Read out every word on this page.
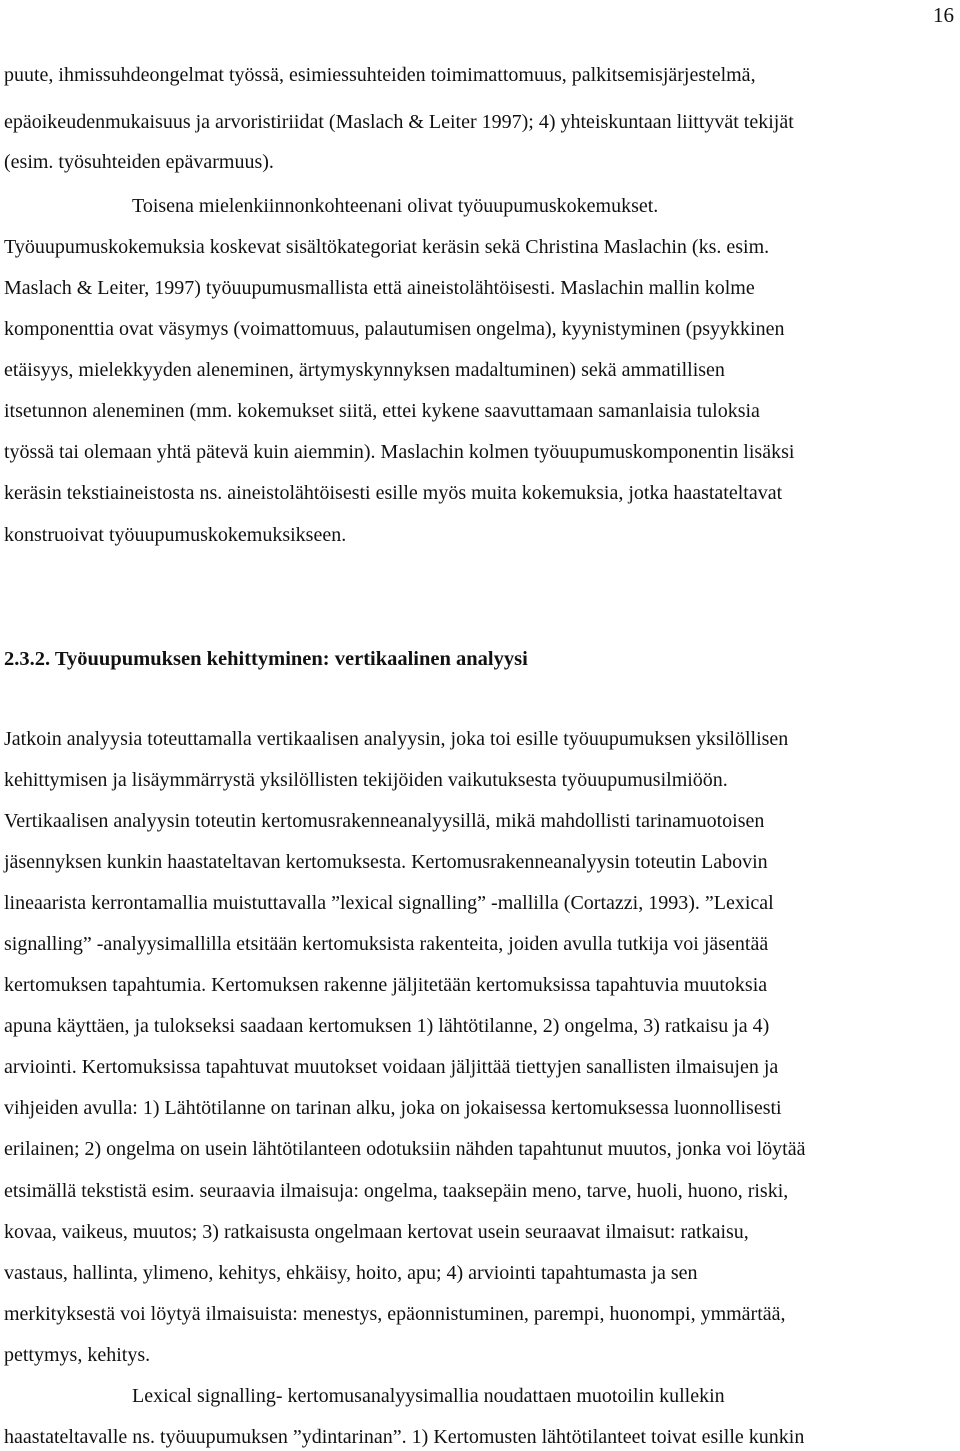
16
puute, ihmissuhdeongelmat työssä, esimiessuhteiden toimimattomuus, palkitsemisjärjestelmä,
epäoikeudenmukaisuus ja arvoristiriidat (Maslach & Leiter 1997); 4) yhteiskuntaan liittyvät tekijät
(esim. työsuhteiden epävarmuus).
Toisena mielenkiinnonkohteenani olivat työuupumuskokemukset.
Työuupumuskokemuksia koskevat sisältökategoriat keräsin sekä Christina Maslachin (ks. esim.
Maslach & Leiter, 1997) työuupumusmallista että aineistolähtöisesti. Maslachin mallin kolme
komponenttia ovat väsymys (voimattomuus, palautumisen ongelma), kyynistyminen (psyykkinen
etäisyys, mielekkyyden aleneminen, ärtymyskynnyksen madaltuminen) sekä ammatillisen
itsetunnon aleneminen (mm. kokemukset siitä, ettei kykene saavuttamaan samanlaisia tuloksia
työssä tai olemaan yhtä pätevä kuin aiemmin). Maslachin kolmen työuupumuskomponentin lisäksi
keräsin tekstiaineistosta ns. aineistolähtöisesti esille myös muita kokemuksia, jotka haastateltavat
konstruoivat työuupumuskokemuksikseen.
2.3.2. Työuupumuksen kehittyminen: vertikaalinen analyysi
Jatkoin analyysia toteuttamalla vertikaalisen analyysin, joka toi esille työuupumuksen yksilöllisen
kehittymisen ja lisäymmärrystä yksilöllisten tekijöiden vaikutuksesta työuupumusilmiöön.
Vertikaalisen analyysin toteutin kertomusrakenneanalyysillä, mikä mahdollisti tarinamuotoisen
jäsennyksen kunkin haastateltavan kertomuksesta. Kertomusrakenneanalyysin toteutin Labovin
lineaarista kerrontamallia muistuttavalla ”lexical signalling” -mallilla (Cortazzi, 1993). ”Lexical
signalling” -analyysimallilla etsitään kertomuksista rakenteita, joiden avulla tutkija voi jäsentää
kertomuksen tapahtumia. Kertomuksen rakenne jäljitetään kertomuksissa tapahtuvia muutoksia
apuna käyttäen, ja tulokseksi saadaan kertomuksen 1) lähtötilanne, 2) ongelma, 3) ratkaisu ja 4)
arviointi. Kertomuksissa tapahtuvat muutokset voidaan jäljittää tiettyjen sanallisten ilmaisujen ja
vihjeiden avulla: 1) Lähtötilanne on tarinan alku, joka on jokaisessa kertomuksessa luonnollisesti
erilainen; 2) ongelma on usein lähtötilanteen odotuksiin nähden tapahtunut muutos, jonka voi löytää
etsimällä tekstistä esim. seuraavia ilmaisuja: ongelma, taaksepäin meno, tarve, huoli, huono, riski,
kovaa, vaikeus, muutos; 3) ratkaisusta ongelmaan kertovat usein seuraavat ilmaisut: ratkaisu,
vastaus, hallinta, ylimeno, kehitys, ehkäisy, hoito, apu; 4) arviointi tapahtumasta ja sen
merkityksestä voi löytyä ilmaisuista: menestys, epäonnistuminen, parempi, huonompi, ymmärtää,
pettymys, kehitys.
Lexical signalling- kertomusanalyysimallia noudattaen muotoilin kullekin
haastateltavalle ns. työuupumuksen ”ydintarinan”. 1) Kertomusten lähtötilanteet toivat esille kunkin
